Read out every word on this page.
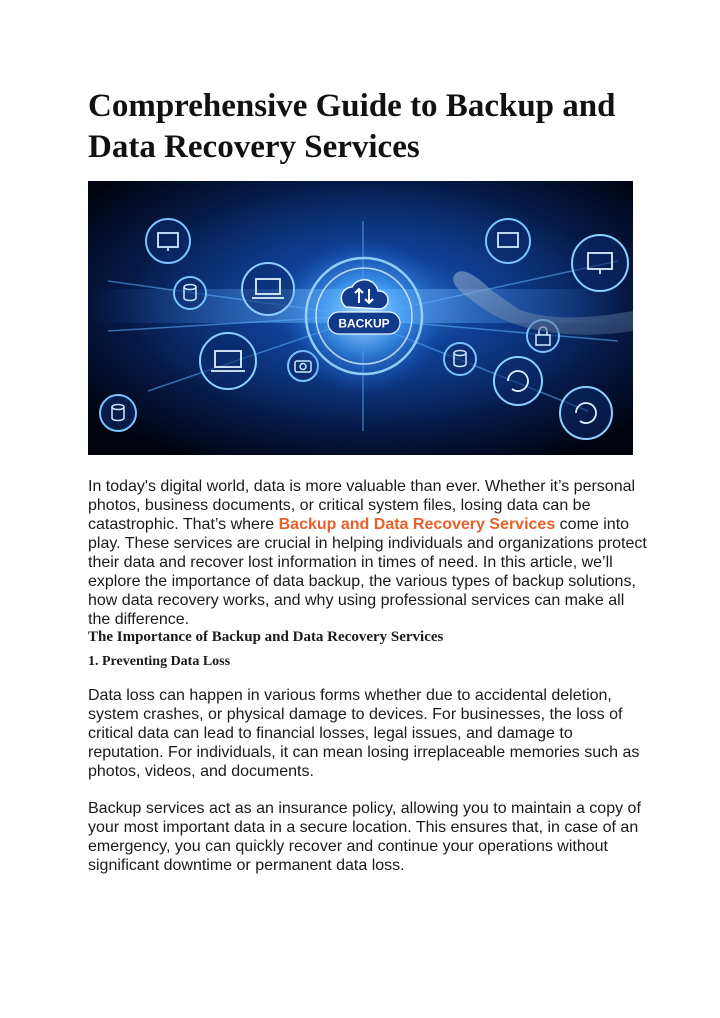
Comprehensive Guide to Backup and
Data Recovery Services
BACKUP

In today's digital world, data is more valuable than ever. Whether it’s personal photos, business documents, or critical system files, losing data can be catastrophic. That’s where Backup and Data Recovery Services come into play. These services are crucial in helping individuals and organizations protect their data and recover lost information in times of need. In this article, we’ll explore the importance of data backup, the various types of backup solutions, how data recovery works, and why using professional services can make all the difference.

The Importance of Backup and Data Recovery Services
1. Preventing Data Loss

Data loss can happen in various forms whether due to accidental deletion, system crashes, or physical damage to devices. For businesses, the loss of critical data can lead to financial losses, legal issues, and damage to reputation. For individuals, it can mean losing irreplaceable memories such as photos, videos, and documents.

Backup services act as an insurance policy, allowing you to maintain a copy of your most important data in a secure location. This ensures that, in case of an emergency, you can quickly recover and continue your operations without significant downtime or permanent data loss.
